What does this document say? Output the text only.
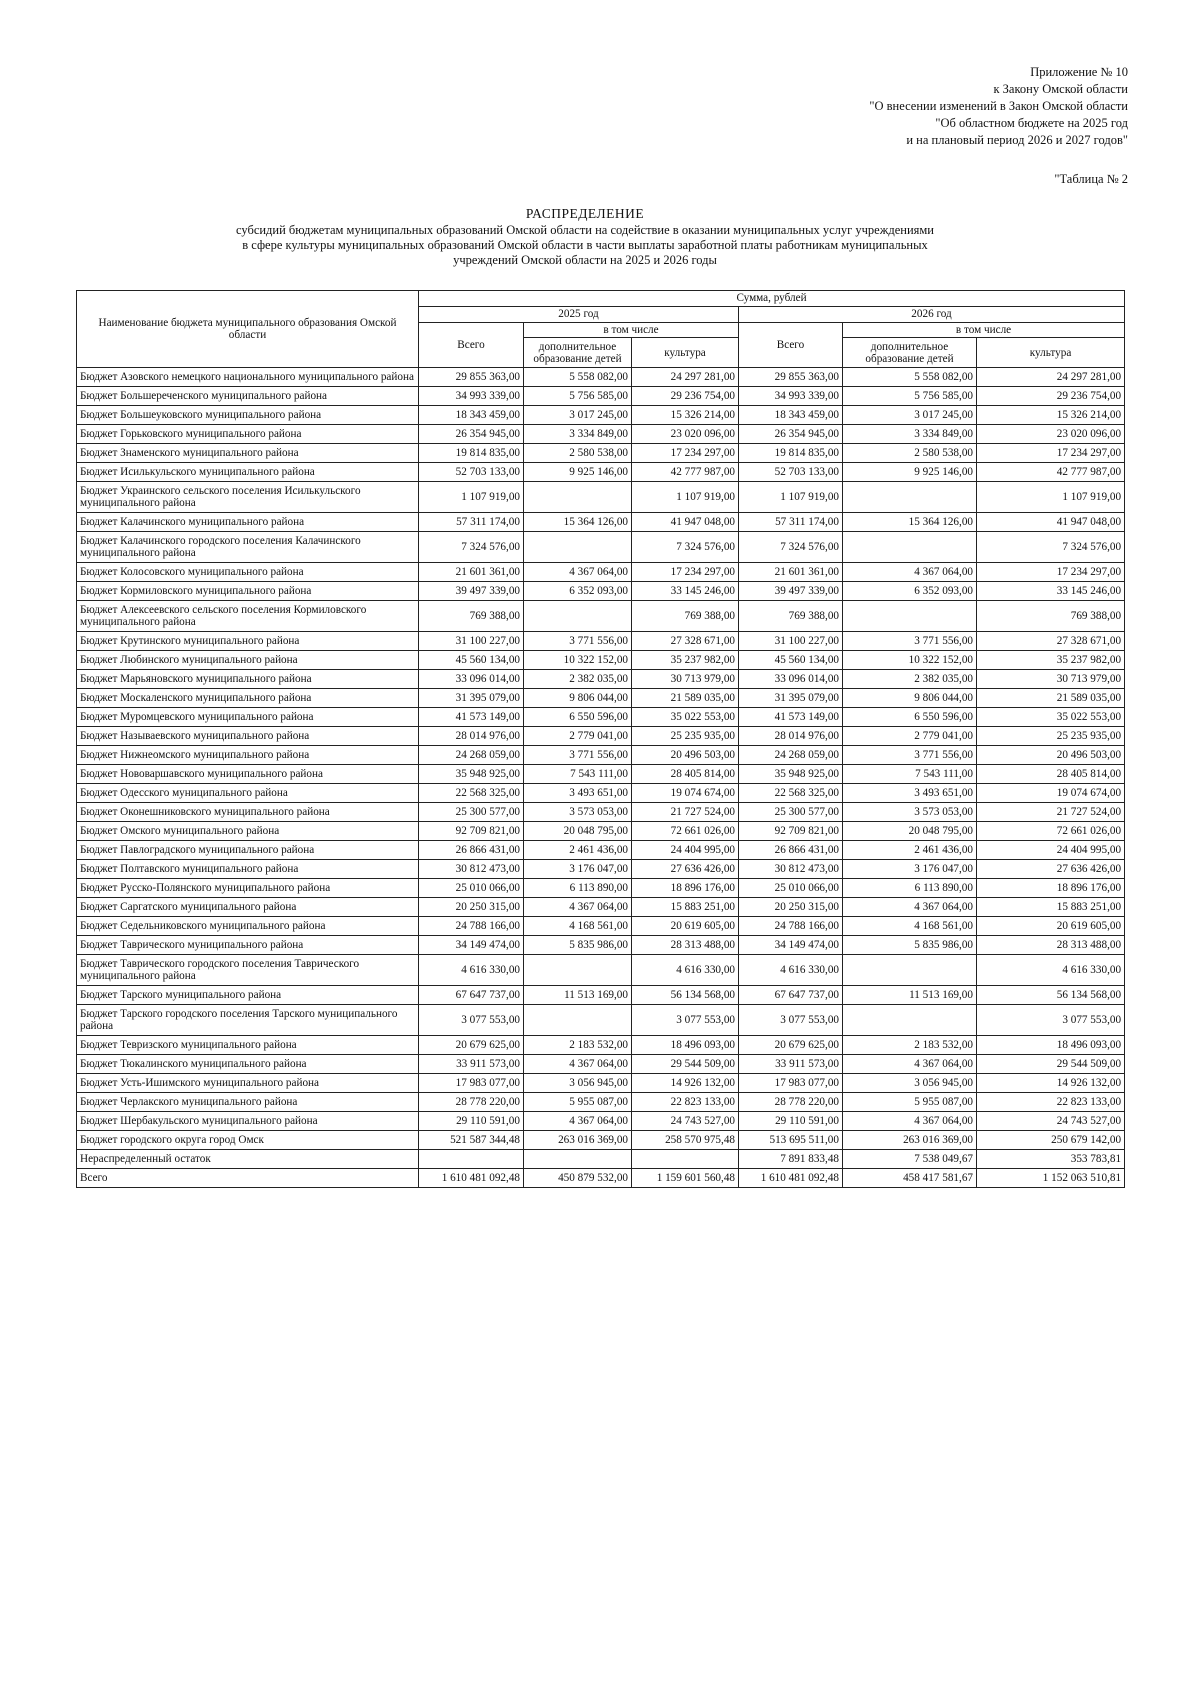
Приложение № 10
к Закону Омской области
"О внесении изменений в Закон Омской области
"Об областном бюджете на 2025 год
и на плановый период 2026 и 2027 годов"
"Таблица № 2
РАСПРЕДЕЛЕНИЕ
субсидий бюджетам муниципальных образований Омской области на содействие в оказании муниципальных услуг учреждениями
в сфере культуры муниципальных образований Омской области в части выплаты заработной платы работникам муниципальных
учреждений Омской области на 2025 и 2026 годы
Наименование бюджета муниципального образования Омской области	Сумма, рублей					
	2025 год			2026 год		
	Всего	в том числе		Всего	в том числе	
		дополнительное образование детей	культура		дополнительное образование детей	культура
Бюджет Азовского немецкого национального муниципального района	29 855 363,00	5 558 082,00	24 297 281,00	29 855 363,00	5 558 082,00	24 297 281,00
Бюджет Большереченского муниципального района	34 993 339,00	5 756 585,00	29 236 754,00	34 993 339,00	5 756 585,00	29 236 754,00
Бюджет Большеуковского муниципального района	18 343 459,00	3 017 245,00	15 326 214,00	18 343 459,00	3 017 245,00	15 326 214,00
Бюджет Горьковского муниципального района	26 354 945,00	3 334 849,00	23 020 096,00	26 354 945,00	3 334 849,00	23 020 096,00
Бюджет Знаменского муниципального района	19 814 835,00	2 580 538,00	17 234 297,00	19 814 835,00	2 580 538,00	17 234 297,00
Бюджет Исилькульского муниципального района	52 703 133,00	9 925 146,00	42 777 987,00	52 703 133,00	9 925 146,00	42 777 987,00
Бюджет Украинского сельского поселения Исилькульского муниципального района	1 107 919,00		1 107 919,00	1 107 919,00		1 107 919,00
Бюджет Калачинского муниципального района	57 311 174,00	15 364 126,00	41 947 048,00	57 311 174,00	15 364 126,00	41 947 048,00
Бюджет Калачинского городского поселения Калачинского муниципального района	7 324 576,00		7 324 576,00	7 324 576,00		7 324 576,00
Бюджет Колосовского муниципального района	21 601 361,00	4 367 064,00	17 234 297,00	21 601 361,00	4 367 064,00	17 234 297,00
Бюджет Кормиловского муниципального района	39 497 339,00	6 352 093,00	33 145 246,00	39 497 339,00	6 352 093,00	33 145 246,00
Бюджет Алексеевского сельского поселения Кормиловского муниципального района	769 388,00		769 388,00	769 388,00		769 388,00
Бюджет Крутинского муниципального района	31 100 227,00	3 771 556,00	27 328 671,00	31 100 227,00	3 771 556,00	27 328 671,00
Бюджет Любинского муниципального района	45 560 134,00	10 322 152,00	35 237 982,00	45 560 134,00	10 322 152,00	35 237 982,00
Бюджет Марьяновского муниципального района	33 096 014,00	2 382 035,00	30 713 979,00	33 096 014,00	2 382 035,00	30 713 979,00
Бюджет Москаленского муниципального района	31 395 079,00	9 806 044,00	21 589 035,00	31 395 079,00	9 806 044,00	21 589 035,00
Бюджет Муромцевского муниципального района	41 573 149,00	6 550 596,00	35 022 553,00	41 573 149,00	6 550 596,00	35 022 553,00
Бюджет Называевского муниципального района	28 014 976,00	2 779 041,00	25 235 935,00	28 014 976,00	2 779 041,00	25 235 935,00
Бюджет Нижнеомского муниципального района	24 268 059,00	3 771 556,00	20 496 503,00	24 268 059,00	3 771 556,00	20 496 503,00
Бюджет Нововаршавского муниципального района	35 948 925,00	7 543 111,00	28 405 814,00	35 948 925,00	7 543 111,00	28 405 814,00
Бюджет Одесского муниципального района	22 568 325,00	3 493 651,00	19 074 674,00	22 568 325,00	3 493 651,00	19 074 674,00
Бюджет Оконешниковского муниципального района	25 300 577,00	3 573 053,00	21 727 524,00	25 300 577,00	3 573 053,00	21 727 524,00
Бюджет Омского муниципального района	92 709 821,00	20 048 795,00	72 661 026,00	92 709 821,00	20 048 795,00	72 661 026,00
Бюджет Павлоградского муниципального района	26 866 431,00	2 461 436,00	24 404 995,00	26 866 431,00	2 461 436,00	24 404 995,00
Бюджет Полтавского муниципального района	30 812 473,00	3 176 047,00	27 636 426,00	30 812 473,00	3 176 047,00	27 636 426,00
Бюджет Русско-Полянского муниципального района	25 010 066,00	6 113 890,00	18 896 176,00	25 010 066,00	6 113 890,00	18 896 176,00
Бюджет Саргатского муниципального района	20 250 315,00	4 367 064,00	15 883 251,00	20 250 315,00	4 367 064,00	15 883 251,00
Бюджет Седельниковского муниципального района	24 788 166,00	4 168 561,00	20 619 605,00	24 788 166,00	4 168 561,00	20 619 605,00
Бюджет Таврического муниципального района	34 149 474,00	5 835 986,00	28 313 488,00	34 149 474,00	5 835 986,00	28 313 488,00
Бюджет Таврического городского поселения Таврического муниципального района	4 616 330,00		4 616 330,00	4 616 330,00		4 616 330,00
Бюджет Тарского муниципального района	67 647 737,00	11 513 169,00	56 134 568,00	67 647 737,00	11 513 169,00	56 134 568,00
Бюджет Тарского городского поселения Тарского муниципального района	3 077 553,00		3 077 553,00	3 077 553,00		3 077 553,00
Бюджет Тевризского муниципального района	20 679 625,00	2 183 532,00	18 496 093,00	20 679 625,00	2 183 532,00	18 496 093,00
Бюджет Тюкалинского муниципального района	33 911 573,00	4 367 064,00	29 544 509,00	33 911 573,00	4 367 064,00	29 544 509,00
Бюджет Усть-Ишимского муниципального района	17 983 077,00	3 056 945,00	14 926 132,00	17 983 077,00	3 056 945,00	14 926 132,00
Бюджет Черлакского муниципального района	28 778 220,00	5 955 087,00	22 823 133,00	28 778 220,00	5 955 087,00	22 823 133,00
Бюджет Шербакульского муниципального района	29 110 591,00	4 367 064,00	24 743 527,00	29 110 591,00	4 367 064,00	24 743 527,00
Бюджет городского округа город Омск	521 587 344,48	263 016 369,00	258 570 975,48	513 695 511,00	263 016 369,00	250 679 142,00
Нераспределенный остаток				7 891 833,48	7 538 049,67	353 783,81
Всего	1 610 481 092,48	450 879 532,00	1 159 601 560,48	1 610 481 092,48	458 417 581,67	1 152 063 510,81
